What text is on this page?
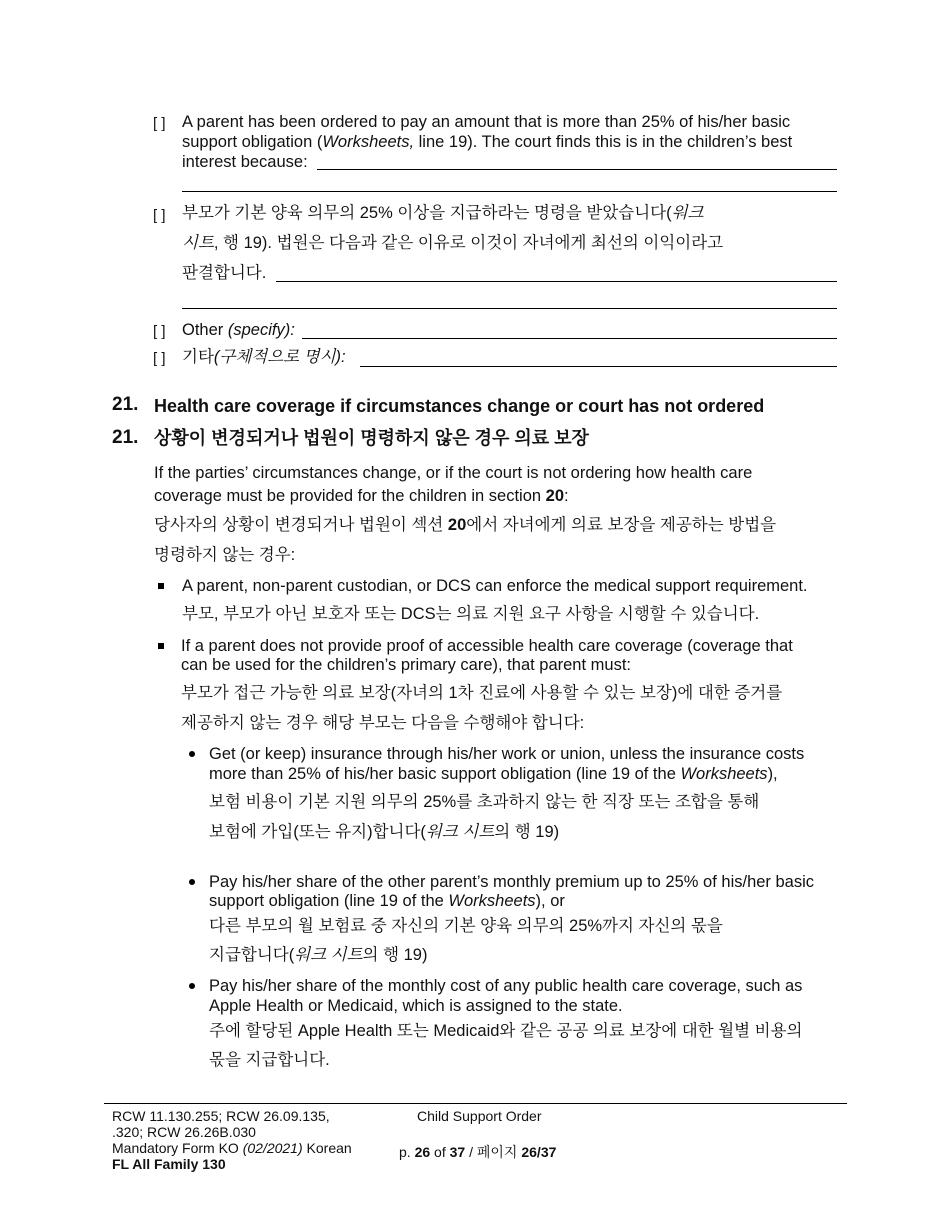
[ ] A parent has been ordered to pay an amount that is more than 25% of his/her basic
support obligation (Worksheets, line 19). The court finds this is in the children’s best
interest because:
[ ] 부모가 기본 양육 의무의 25% 이상을 지급하라는 명령을 받았습니다(워크
시트, 행 19). 법원은 다음과 같은 이유로 이것이 자녀에게 최선의 이익이라고
판결합니다.
[ ] Other (specify):
[ ] 기타(구체적으로 명시):
21. Health care coverage if circumstances change or court has not ordered
21. 상황이 변경되거나 법원이 명령하지 않은 경우 의료 보장
If the parties’ circumstances change, or if the court is not ordering how health care
coverage must be provided for the children in section 20:
당사자의 상황이 변경되거나 법원이 섹션 20에서 자녀에게 의료 보장을 제공하는 방법을
명령하지 않는 경우:
A parent, non-parent custodian, or DCS can enforce the medical support requirement.
부모, 부모가 아닌 보호자 또는 DCS는 의료 지원 요구 사항을 시행할 수 있습니다.
If a parent does not provide proof of accessible health care coverage (coverage that
can be used for the children’s primary care), that parent must:
부모가 접근 가능한 의료 보장(자녀의 1차 진료에 사용할 수 있는 보장)에 대한 증거를
제공하지 않는 경우 해당 부모는 다음을 수행해야 합니다:
Get (or keep) insurance through his/her work or union, unless the insurance costs
more than 25% of his/her basic support obligation (line 19 of the Worksheets),
보험 비용이 기본 지원 의무의 25%를 초과하지 않는 한 직장 또는 조합을 통해
보험에 가입(또는 유지)합니다(워크 시트의 행 19)
Pay his/her share of the other parent’s monthly premium up to 25% of his/her basic
support obligation (line 19 of the Worksheets), or
다른 부모의 월 보험료 중 자신의 기본 양육 의무의 25%까지 자신의 몫을
지급합니다(워크 시트의 행 19)
Pay his/her share of the monthly cost of any public health care coverage, such as
Apple Health or Medicaid, which is assigned to the state.
주에 할당된 Apple Health 또는 Medicaid와 같은 공공 의료 보장에 대한 월별 비용의
몫을 지급합니다.
RCW 11.130.255; RCW 26.09.135,
.320; RCW 26.26B.030
Mandatory Form KO (02/2021) Korean
FL All Family 130
Child Support Order
p. 26 of 37 / 페이지 26/37
